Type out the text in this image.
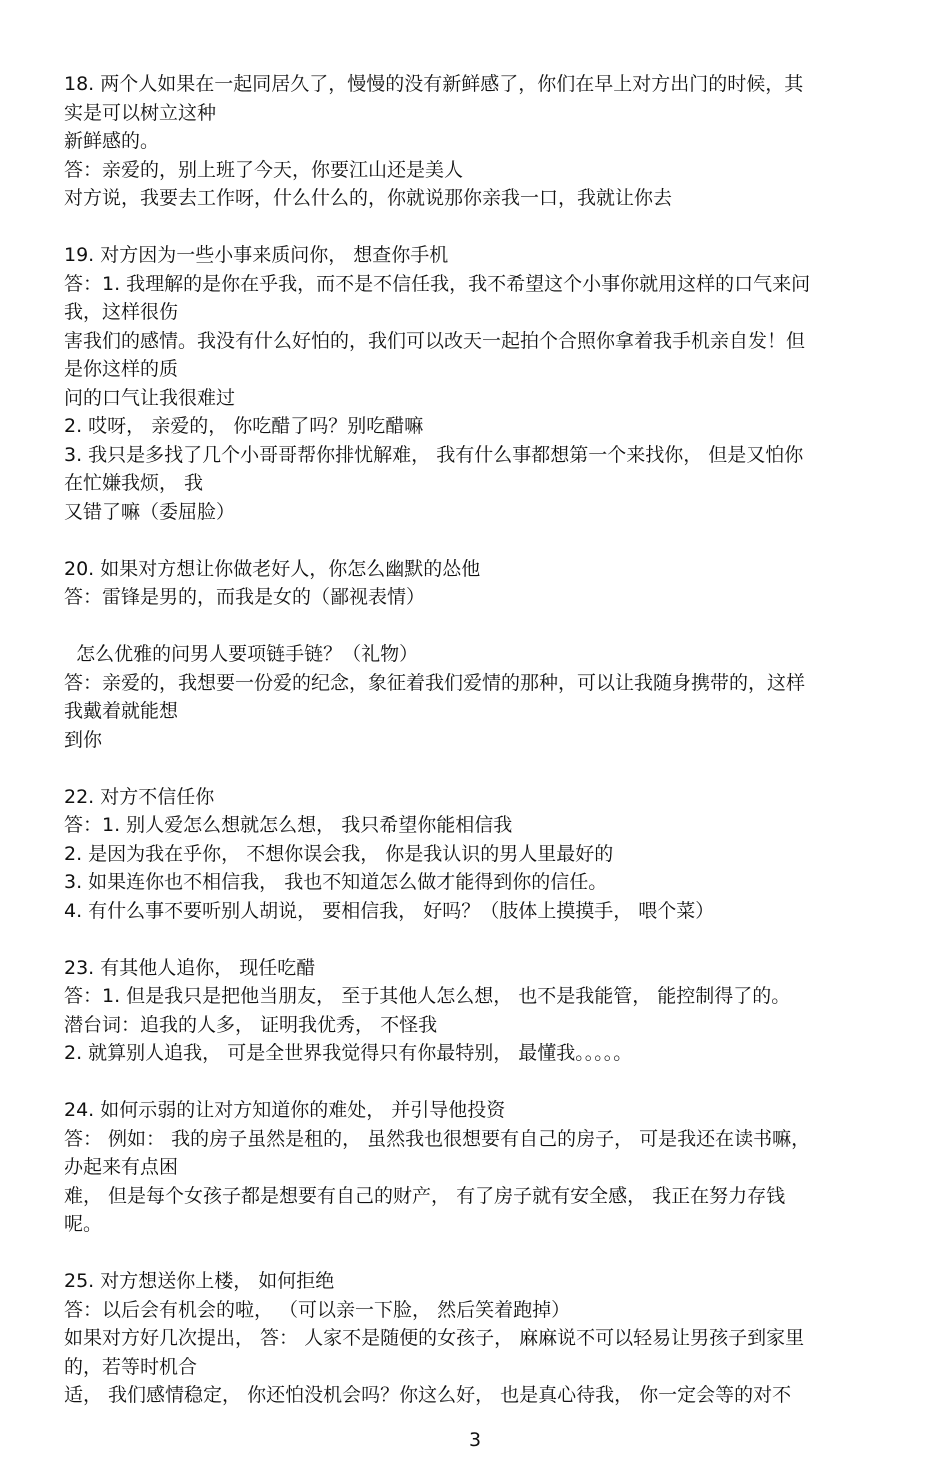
18. 两个人如果在一起同居久了，慢慢的没有新鲜感了，你们在早上对方出门的时候，其
实是可以树立这种
新鲜感的。
答：亲爱的，别上班了今天，你要江山还是美人
对方说，我要去工作呀，什么什么的，你就说那你亲我一口，我就让你去
19. 对方因为一些小事来质问你， 想查你手机
答：1. 我理解的是你在乎我，而不是不信任我，我不希望这个小事你就用这样的口气来问
我，这样很伤
害我们的感情。我没有什么好怕的，我们可以改天一起拍个合照你拿着我手机亲自发！但
是你这样的质
问的口气让我很难过
2. 哎呀， 亲爱的， 你吃醋了吗？别吃醋嘛
3. 我只是多找了几个小哥哥帮你排忧解难， 我有什么事都想第一个来找你， 但是又怕你
在忙嫌我烦， 我
又错了嘛（委屈脸）
20. 如果对方想让你做老好人，你怎么幽默的怂他
答：雷锋是男的，而我是女的（鄙视表情）
怎么优雅的问男人要项链手链？（礼物）
答：亲爱的，我想要一份爱的纪念，象征着我们爱情的那种，可以让我随身携带的，这样
我戴着就能想
到你
22. 对方不信任你
答：1. 别人爱怎么想就怎么想， 我只希望你能相信我
2. 是因为我在乎你， 不想你误会我， 你是我认识的男人里最好的
3. 如果连你也不相信我， 我也不知道怎么做才能得到你的信任。
4. 有什么事不要听别人胡说， 要相信我， 好吗？（肢体上摸摸手， 喂个菜）
23. 有其他人追你， 现任吃醋
答：1. 但是我只是把他当朋友， 至于其他人怎么想， 也不是我能管， 能控制得了的。
潜台词：追我的人多， 证明我优秀， 不怪我
2. 就算别人追我， 可是全世界我觉得只有你最特别， 最懂我。。。。。
24. 如何示弱的让对方知道你的难处， 并引导他投资
答： 例如： 我的房子虽然是租的， 虽然我也很想要有自己的房子， 可是我还在读书嘛，
办起来有点困
难， 但是每个女孩子都是想要有自己的财产， 有了房子就有安全感， 我正在努力存钱
呢。
25. 对方想送你上楼， 如何拒绝
答：以后会有机会的啦， （可以亲一下脸， 然后笑着跑掉）
如果对方好几次提出， 答： 人家不是随便的女孩子， 麻麻说不可以轻易让男孩子到家里
的，若等时机合
适， 我们感情稳定， 你还怕没机会吗？你这么好， 也是真心待我， 你一定会等的对不
3
